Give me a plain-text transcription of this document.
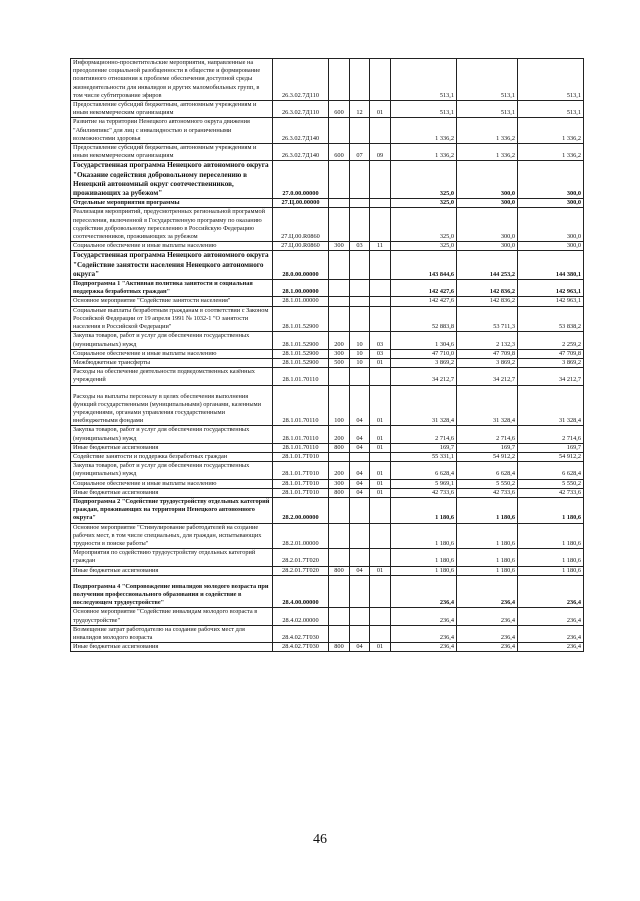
Информационно-просветительские мероприятия, направленные на преодоление социальной разобщенности в обществе и формирование позитивного отношения к проблеме обеспечения доступной среды жизнедеятельности для инвалидов и других маломобильных групп, в том числе субтитрование эфиров	26.3.02.7Д110				513,1	513,1	513,1
Предоставление субсидий бюджетным, автономным учреждениям и иным некоммерческим организациям	26.3.02.7Д110	600	12	01	513,1	513,1	513,1
Развитие на территории Ненецкого автономного округа движения "Абилимпикс" для лиц с инвалидностью и ограниченными возможностями здоровья	26.3.02.7Д140				1 336,2	1 336,2	1 336,2
Предоставление субсидий бюджетным, автономным учреждениям и иным некоммерческим организациям	26.3.02.7Д140	600	07	09	1 336,2	1 336,2	1 336,2
Государственная программа Ненецкого автономного округа "Оказание содействия добровольному переселению в Ненецкий автономный округ соотечественников, проживающих за рубежом"	27.0.00.00000				325,0	300,0	300,0
Отдельные мероприятия программы	27.Ц.00.00000				325,0	300,0	300,0
Реализация мероприятий, предусмотренных региональной программой переселения, включенной в Государственную программу по оказанию содействия добровольному переселению в Российскую Федерацию соотечественников, проживающих за рубежом	27.Ц.00.R0860				325,0	300,0	300,0
Социальное обеспечение и иные выплаты населению	27.Ц.00.R0860	300	03	11	325,0	300,0	300,0
Государственная программа Ненецкого автономного округа "Содействие занятости населения Ненецкого автономного округа"	28.0.00.00000				143 844,6	144 253,2	144 380,1
Подпрограмма 1 "Активная политика занятости и социальная поддержка безработных граждан"	28.1.00.00000				142 427,6	142 836,2	142 963,1
Основное мероприятие "Содействие занятости населения"	28.1.01.00000				142 427,6	142 836,2	142 963,1
Социальные выплаты безработным гражданам в соответствии с Законом Российской Федерации от 19 апреля 1991 № 1032-1 "О занятости населения в Российской Федерации"	28.1.01.52900				52 883,8	53 711,3	53 838,2
Закупка товаров, работ и услуг для обеспечения государственных (муниципальных) нужд	28.1.01.52900	200	10	03	1 304,6	2 132,3	2 259,2
Социальное обеспечение и иные выплаты населению	28.1.01.52900	300	10	03	47 710,0	47 709,8	47 709,8
Межбюджетные трансферты	28.1.01.52900	500	10	01	3 869,2	3 869,2	3 869,2
Расходы на обеспечение деятельности подведомственных казённых учреждений	28.1.01.70110				34 212,7	34 212,7	34 212,7
Расходы на выплаты персоналу в целях обеспечения выполнения функций государственными (муниципальными) органами, казенными учреждениями, органами управления государственными внебюджетными фондами	28.1.01.70110	100	04	01	31 328,4	31 328,4	31 328,4
Закупка товаров, работ и услуг для обеспечения государственных (муниципальных) нужд	28.1.01.70110	200	04	01	2 714,6	2 714,6	2 714,6
Иные бюджетные ассигнования	28.1.01.70110	800	04	01	169,7	169,7	169,7
Содействие занятости и поддержка безработных граждан	28.1.01.7Т010				55 331,1	54 912,2	54 912,2
Закупка товаров, работ и услуг для обеспечения государственных (муниципальных) нужд	28.1.01.7Т010	200	04	01	6 628,4	6 628,4	6 628,4
Социальное обеспечение и иные выплаты населению	28.1.01.7Т010	300	04	01	5 969,1	5 550,2	5 550,2
Иные бюджетные ассигнования	28.1.01.7Т010	800	04	01	42 733,6	42 733,6	42 733,6
Подпрограмма 2 "Содействие трудоустройству отдельных категорий граждан, проживающих на территории Ненецкого автономного округа"	28.2.00.00000				1 180,6	1 180,6	1 180,6
Основное мероприятие "Стимулирование работодателей на создание рабочих мест, в том числе специальных, для граждан, испытывающих трудности в поиске работы"	28.2.01.00000				1 180,6	1 180,6	1 180,6
Мероприятия по содействию трудоустройству отдельных категорий граждан	28.2.01.7Т020				1 180,6	1 180,6	1 180,6
Иные бюджетные ассигнования	28.2.01.7Т020	800	04	01	1 180,6	1 180,6	1 180,6
Подпрограмма 4 "Сопровождение инвалидов молодого возраста при получении профессионального образования и содействие в последующем трудоустройстве"	28.4.00.00000				236,4	236,4	236,4
Основное мероприятие "Содействие инвалидам молодого возраста в трудоустройстве"	28.4.02.00000				236,4	236,4	236,4
Возмещение затрат работодателю на создание рабочих мест для инвалидов молодого возраста	28.4.02.7Т030				236,4	236,4	236,4
Иные бюджетные ассигнования	28.4.02.7Т030	800	04	01	236,4	236,4	236,4
46
